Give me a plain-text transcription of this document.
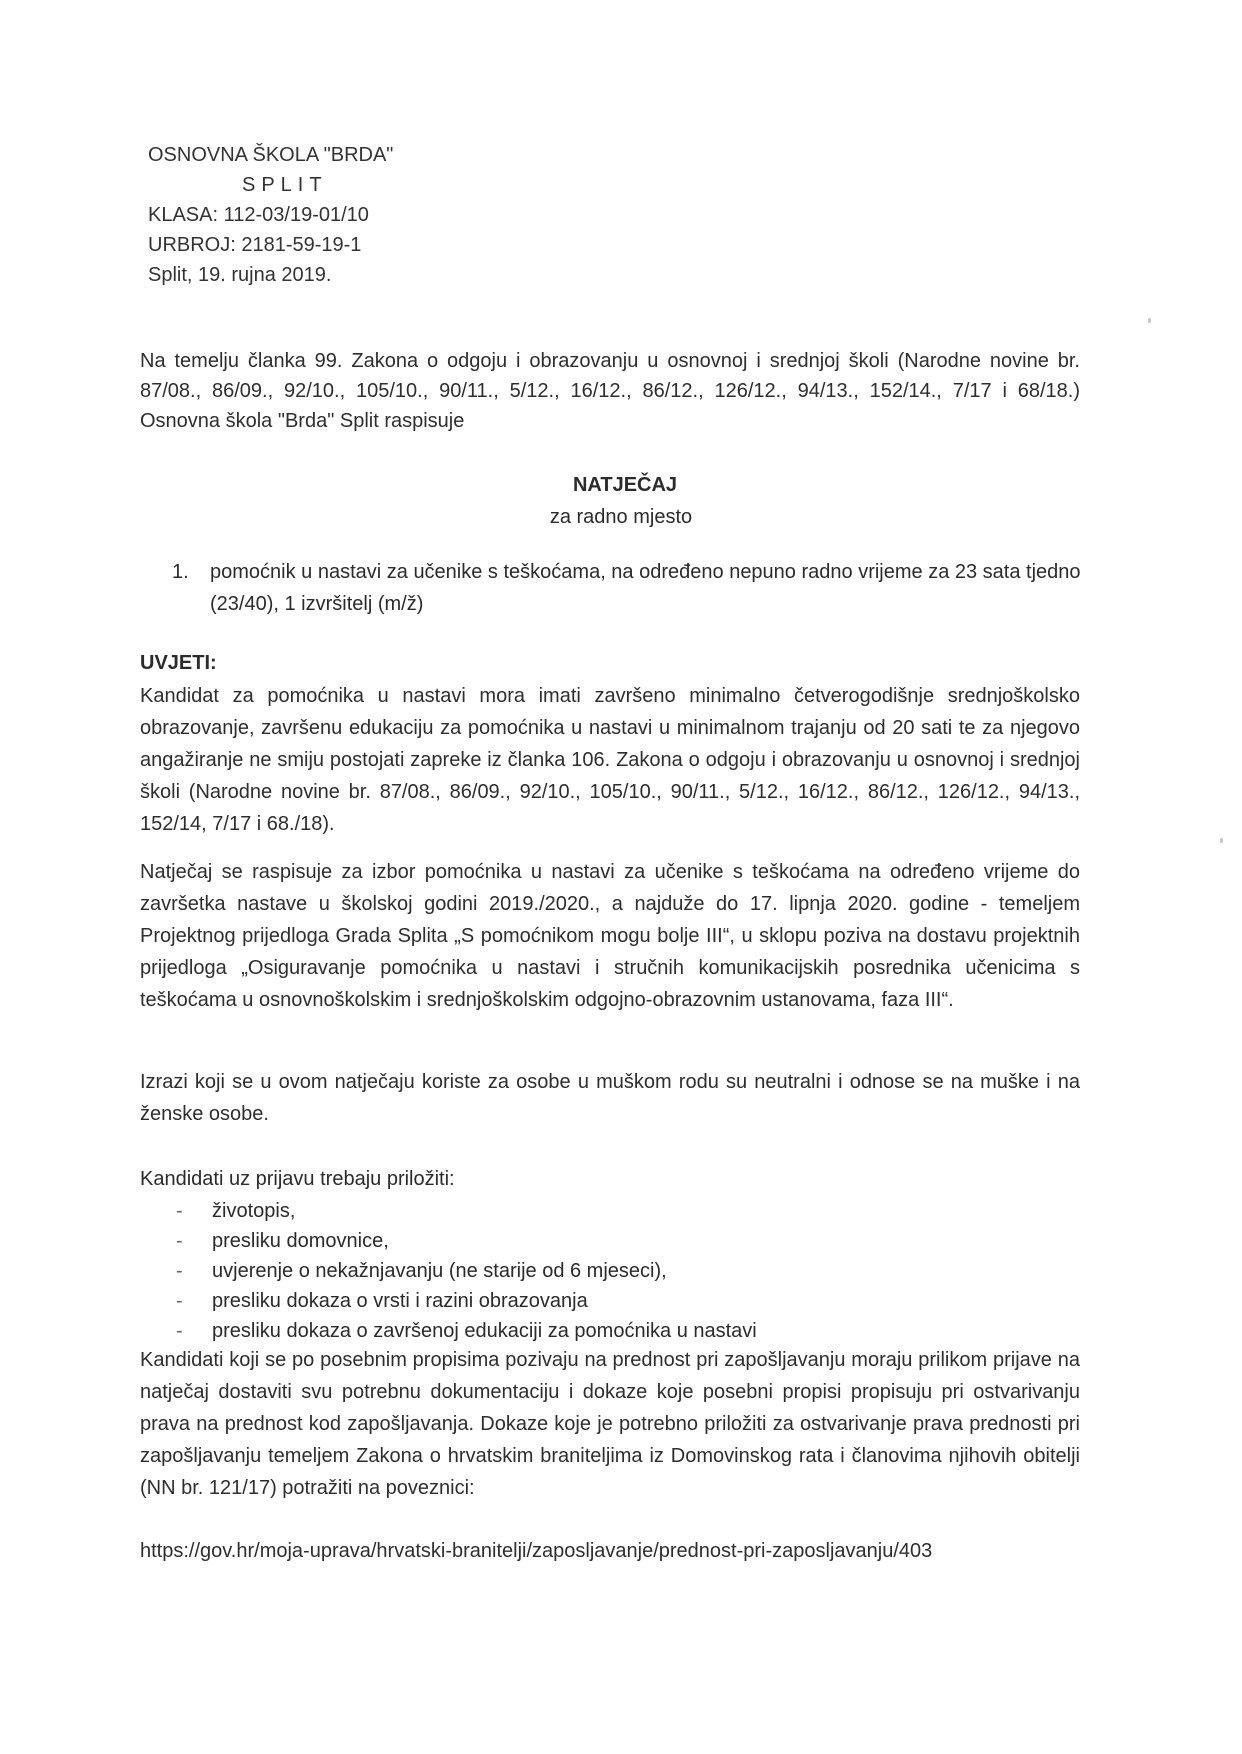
OSNOVNA ŠKOLA "BRDA"
SPLIT
KLASA: 112-03/19-01/10
URBROJ: 2181-59-19-1
Split, 19. rujna 2019.
Na temelju članka 99. Zakona o odgoju i obrazovanju u osnovnoj i srednjoj školi (Narodne novine br. 87/08., 86/09., 92/10., 105/10., 90/11., 5/12., 16/12., 86/12., 126/12., 94/13., 152/14., 7/17 i 68/18.) Osnovna škola "Brda" Split raspisuje
NATJEČAJ
za radno mjesto
1. pomoćnik u nastavi za učenike s teškoćama, na određeno nepuno radno vrijeme za 23 sata tjedno (23/40), 1 izvršitelj (m/ž)
UVJETI:
Kandidat za pomoćnika u nastavi mora imati završeno minimalno četverogodišnje srednjoškolsko obrazovanje, završenu edukaciju za pomoćnika u nastavi u minimalnom trajanju od 20 sati te za njegovo angažiranje ne smiju postojati zapreke iz članka 106. Zakona o odgoju i obrazovanju u osnovnoj i srednjoj školi (Narodne novine br. 87/08., 86/09., 92/10., 105/10., 90/11., 5/12., 16/12., 86/12., 126/12., 94/13., 152/14, 7/17 i 68./18).
Natječaj se raspisuje za izbor pomoćnika u nastavi za učenike s teškoćama na određeno vrijeme do završetka nastave u školskoj godini 2019./2020., a najduže do 17. lipnja 2020. godine - temeljem Projektnog prijedloga Grada Splita „S pomoćnikom mogu bolje III“, u sklopu poziva na dostavu projektnih prijedloga „Osiguravanje pomoćnika u nastavi i stručnih komunikacijskih posrednika učenicima s teškoćama u osnovnoškolskim i srednjoškolskim odgojno-obrazovnim ustanovama, faza III“.
Izrazi koji se u ovom natječaju koriste za osobe u muškom rodu su neutralni i odnose se na muške i na ženske osobe.
Kandidati uz prijavu trebaju priložiti:
- životopis,
- presliku domovnice,
- uvjerenje o nekažnjavanju (ne starije od 6 mjeseci),
- presliku dokaza o vrsti i razini obrazovanja
- presliku dokaza o završenoj edukaciji za pomoćnika u nastavi
Kandidati koji se po posebnim propisima pozivaju na prednost pri zapošljavanju moraju prilikom prijave na natječaj dostaviti svu potrebnu dokumentaciju i dokaze koje posebni propisi propisuju pri ostvarivanju prava na prednost kod zapošljavanja. Dokaze koje je potrebno priložiti za ostvarivanje prava prednosti pri zapošljavanju temeljem Zakona o hrvatskim braniteljima iz Domovinskog rata i članovima njihovih obitelji (NN br. 121/17) potražiti na poveznici:
https://gov.hr/moja-uprava/hrvatski-branitelji/zaposljavanje/prednost-pri-zaposljavanju/403
